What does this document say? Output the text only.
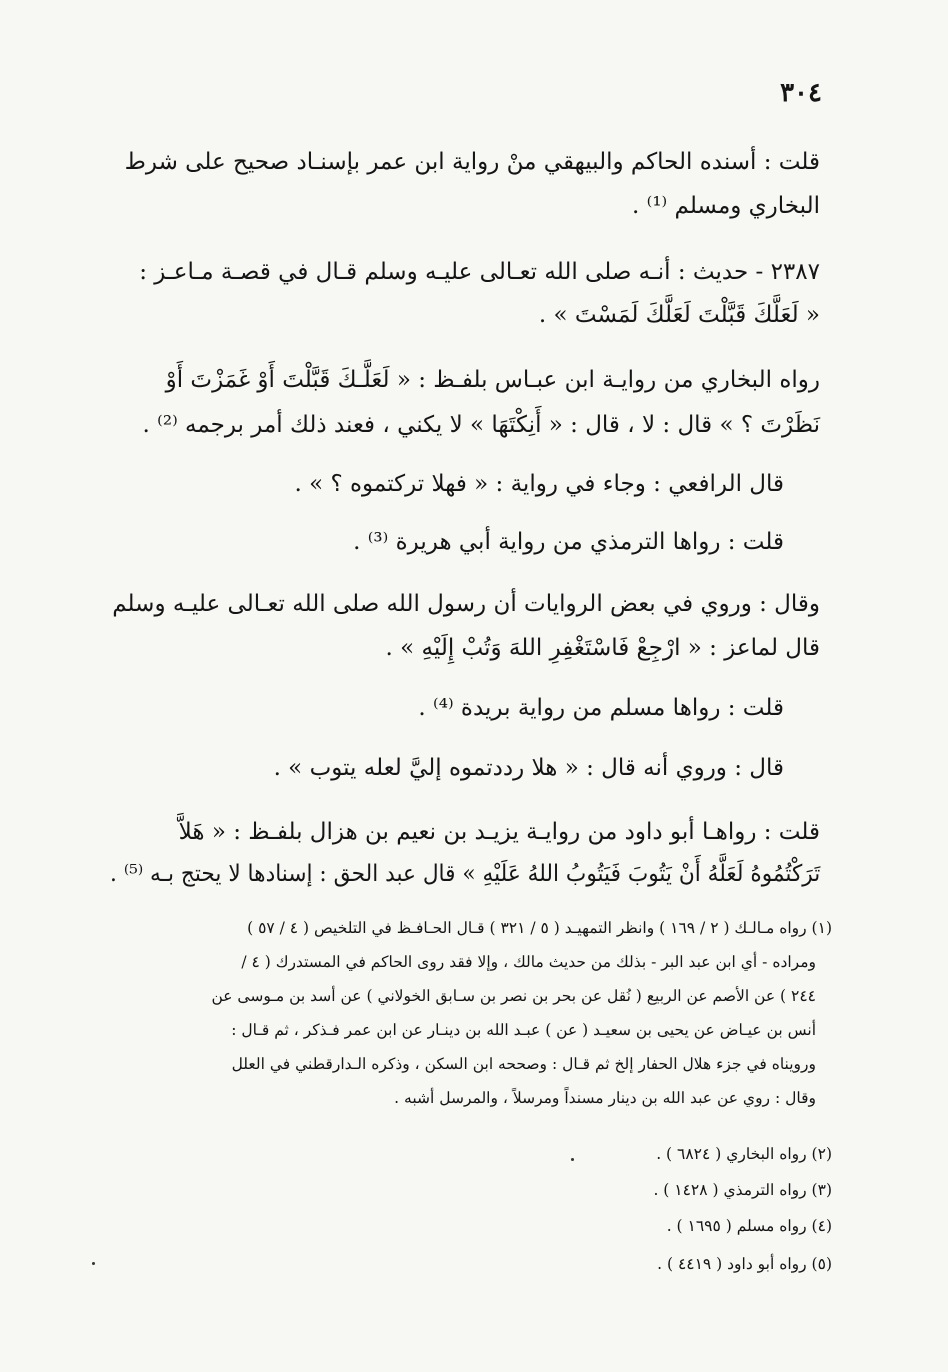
٣٠٤
قلت : أسنده الحاكم والبيهقي منْ رواية ابن عمر بإسنـاد صحيح على شرط
البخاري ومسلم ⁽¹⁾ .
٢٣٨٧ - حديث : أنـه صلى الله تعـالى عليـه وسلم قـال في قصـة مـاعـز :
« لَعَلَّكَ قَبَّلْتَ لَعَلَّكَ لَمَسْتَ » .
رواه البخاري من روايـة ابن عبـاس بلفـظ : « لَعَلَّـكَ قَبَّلْتَ أَوْ غَمَزْتَ أَوْ
نَظَرْتَ ؟ » قال : لا ، قال : « أَنِكْتَهَا » لا يكني ، فعند ذلك أمر برجمه ⁽²⁾ .
قال الرافعي : وجاء في رواية : « فهلا تركتموه ؟ » .
قلت : رواها الترمذي من رواية أبي هريرة ⁽³⁾ .
وقال : وروي في بعض الروايات أن رسول الله صلى الله تعـالى عليـه وسلم
قال لماعز : « ارْجِعْ فَاسْتَغْفِرِ اللهَ وَتُبْ إِلَيْهِ » .
قلت : رواها مسلم من رواية بريدة ⁽⁴⁾ .
قال : وروي أنه قال : « هلا رددتموه إليَّ لعله يتوب » .
قلت : رواهـا أبو داود من روايـة يزيـد بن نعيم بن هزال بلفـظ : « هَلاَّ
تَرَكْتُمُوهُ لَعَلَّهُ أَنْ يَتُوبَ فَيَتُوبُ اللهُ عَلَيْهِ » قال عبد الحق : إسنادها لا يحتج بـه ⁽⁵⁾ .
(١) رواه مـالـك ( ٢ / ١٦٩ ) وانظر التمهيـد ( ٥ / ٣٢١ ) قـال الحـافـظ في التلخيص ( ٤ / ٥٧ )
ومراده - أي ابن عبد البر - بذلك من حديث مالك ، وإلا فقد روى الحاكم في المستدرك ( ٤ /
٢٤٤ ) عن الأصم عن الربيع ( نُقل عن بحر بن نصر بن سـابق الخولاني ) عن أسد بن مـوسى عن
أنس بن عيـاض عن يحيى بن سعيـد ( عن ) عبـد الله بن دينـار عن ابن عمر فـذكر ، ثم قـال :
ورويناه في جزء هلال الحفار إلخ ثم قـال : وصححه ابن السكن ، وذكره الـدارقطني في العلل
وقال : روي عن عبد الله بن دينار مسنداً ومرسلاً ، والمرسل أشبه .
(٢) رواه البخاري ( ٦٨٢٤ ) .
(٣) رواه الترمذي ( ١٤٢٨ ) .
(٤) رواه مسلم ( ١٦٩٥ ) .
(٥) رواه أبو داود ( ٤٤١٩ ) .
